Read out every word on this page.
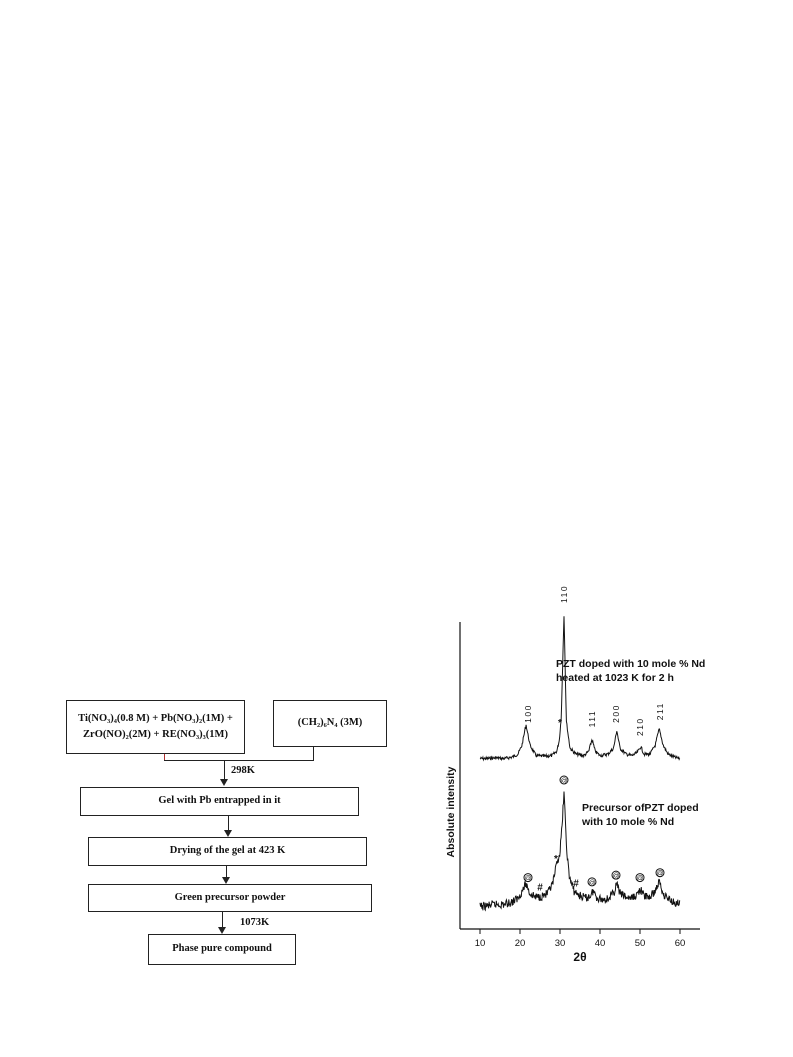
Ti(NO₃)₄(0.8 M) + Pb(NO₃)₂(1M) +
ZrO(NO)₂(2M) + RE(NO₃)₃(1M)
(CH₂)₆N₄ (3M)
298K
Gel with Pb entrapped in it
Drying of the gel at 423 K
Green precursor powder
1073K
Phase pure compound	10	20	30	40	50	60
100
*
110
111 200
210
211
@
#
*
@
# @
@ @
@
2θ
Absolute intensity
PZT doped with 10 mole % Nd
heated at 1023 K for 2 h
Precursor ofPZT doped
with 10 mole % Nd
